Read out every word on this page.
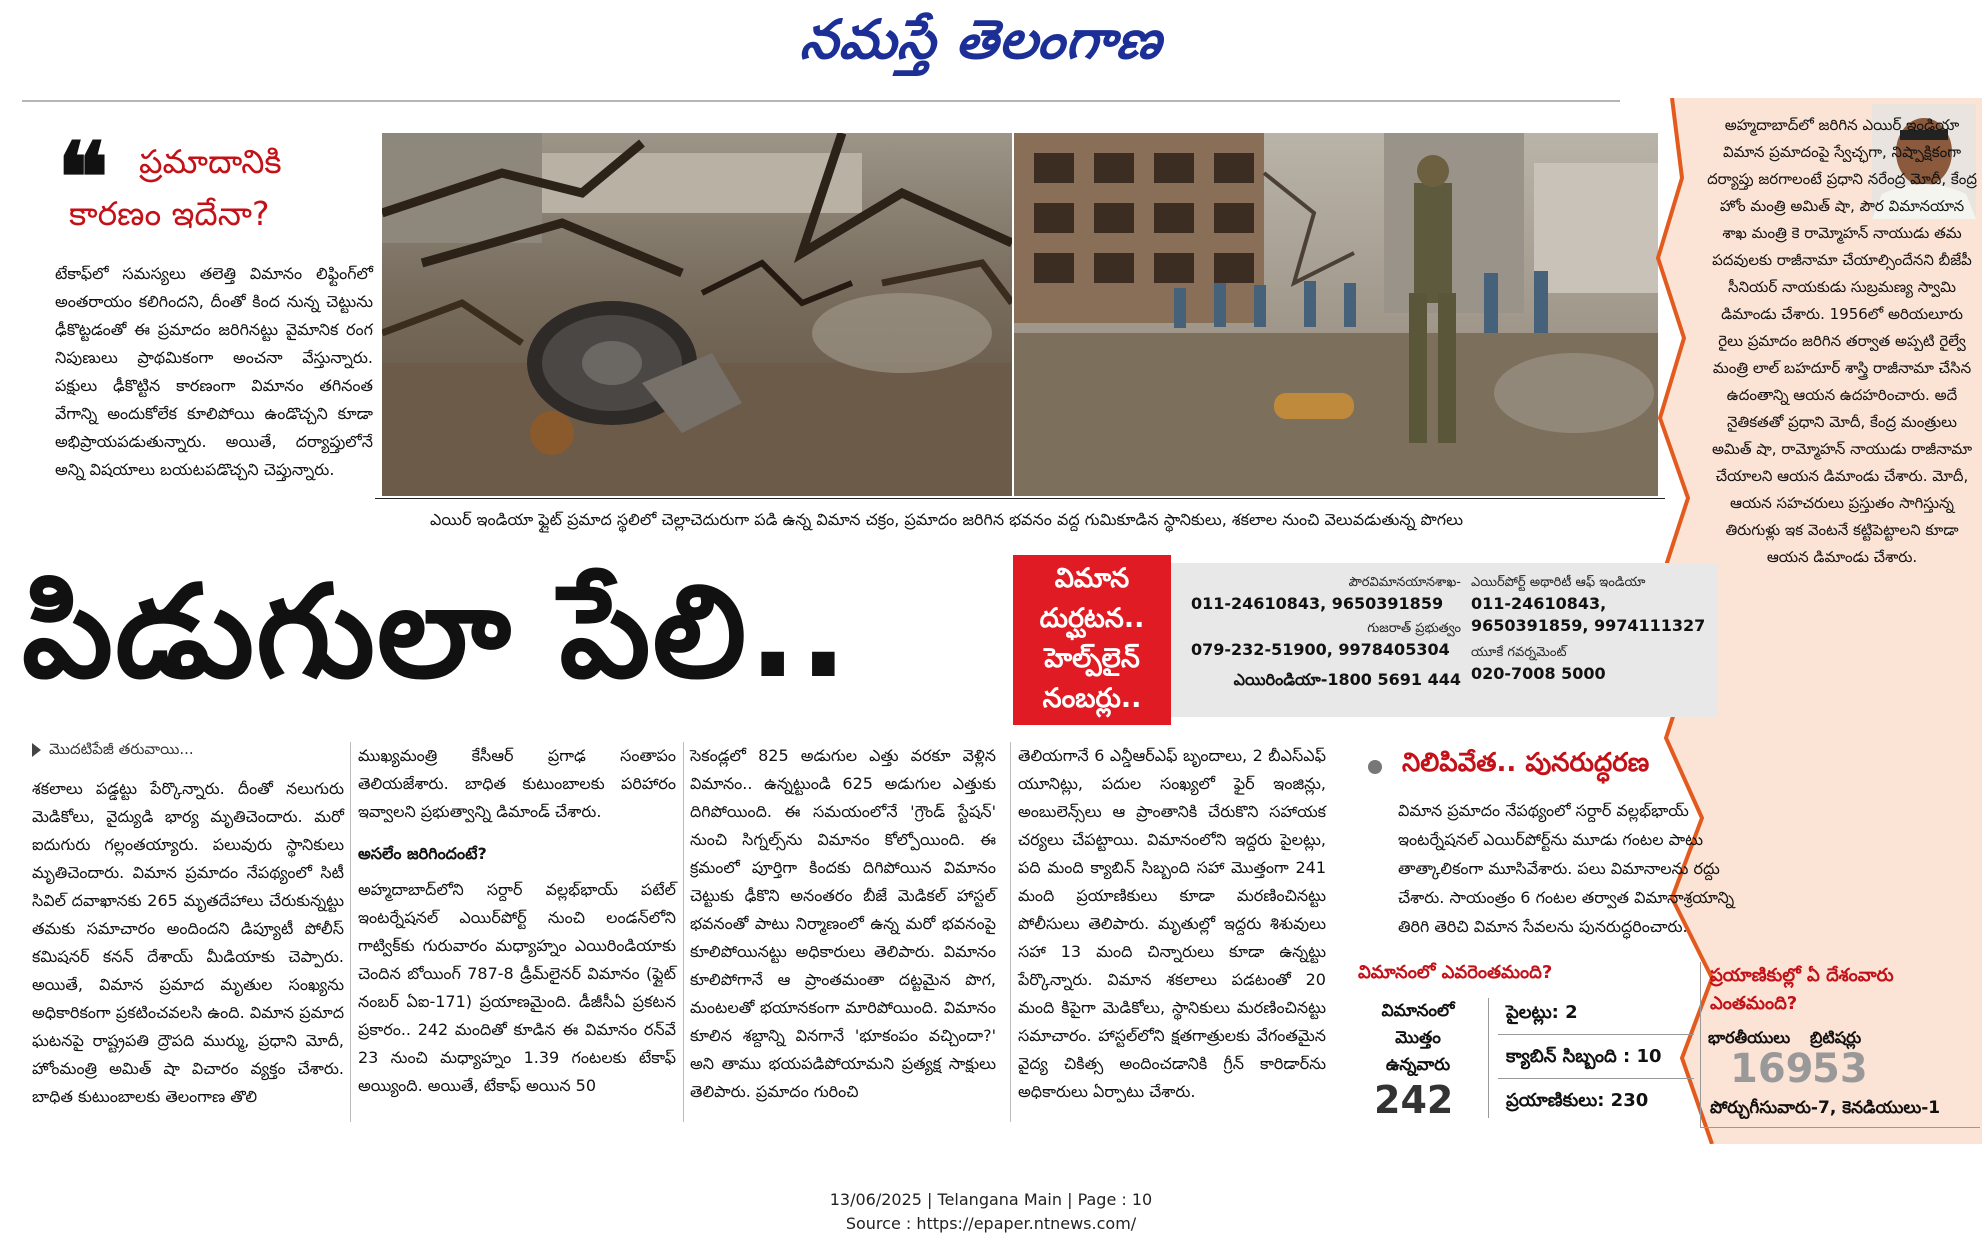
నమస్తే తెలంగాణ
❝ ప్రమాదానికి
కారణం ఇదేనా?
టేకాఫ్‌లో సమస్యలు తలెత్తి విమానం లిఫ్టింగ్‌లో అంతరాయం కలిగిందని, దీంతో కింద నున్న చెట్టును ఢీకొట్టడంతో ఈ ప్రమాదం జరిగినట్టు వైమానిక రంగ నిపుణులు ప్రాథమికంగా అంచనా వేస్తున్నారు. పక్షులు ఢీకొట్టిన కారణంగా విమానం తగినంత వేగాన్ని అందుకోలేక కూలిపోయి ఉండొచ్చని కూడా అభిప్రాయపడుతున్నారు. అయితే, దర్యాప్తులోనే అన్ని విషయాలు బయటపడొచ్చని చెప్తున్నారు.
ఎయిర్ ఇండియా ఫ్లైట్ ప్రమాద స్థలిలో చెల్లాచెదురుగా పడి ఉన్న విమాన చక్రం, ప్రమాదం జరిగిన భవనం వద్ద గుమికూడిన స్థానికులు, శకలాల నుంచి వెలువడుతున్న పొగలు
అహ్మదాబాద్‌లో జరిగిన ఎయిర్ ఇండియా విమాన ప్రమాదంపై స్వేచ్ఛగా, నిష్పాక్షికంగా దర్యాప్తు జరగాలంటే ప్రధాని నరేంద్ర మోదీ, కేంద్ర హోం మంత్రి అమిత్ షా, పౌర విమానయాన శాఖ మంత్రి కె రామ్మోహన్ నాయుడు తమ పదవులకు రాజీనామా చేయాల్సిందేనని బీజేపీ సీనియర్ నాయకుడు సుబ్రమణ్య స్వామి డిమాండు చేశారు. 1956లో అరియలూరు రైలు ప్రమాదం జరిగిన తర్వాత అప్పటి రైల్వే మంత్రి లాల్ బహదూర్ శాస్త్రి రాజీనామా చేసిన ఉదంతాన్ని ఆయన ఉదహరించారు. అదే నైతికతతో ప్రధాని మోదీ, కేంద్ర మంత్రులు అమిత్ షా, రామ్మోహన్ నాయుడు రాజీనామా చేయాలని ఆయన డిమాండు చేశారు. మోదీ, ఆయన సహచరులు ప్రస్తుతం సాగిస్తున్న తిరుగుళ్లు ఇక వెంటనే కట్టిపెట్టాలని కూడా ఆయన డిమాండు చేశారు.
పిడుగులా పేలి..	విమాన
దుర్ఘటన..
హెల్ప్‌లైన్
నంబర్లు..
పౌరవిమానయానశాఖ-
011-24610843, 9650391859
గుజరాత్ ప్రభుత్వం
079-232-51900, 9978405304
ఎయిరిండియా-1800 5691 444
ఎయిర్‌పోర్ట్ అథారిటీ ఆఫ్ ఇండియా
011-24610843,
9650391859, 9974111327
యూకే గవర్నమెంట్
020-7008 5000
మొదటిపేజీ తరువాయి...

శకలాలు పడ్డట్టు పేర్కొన్నారు. దీంతో నలుగురు మెడికోలు, వైద్యుడి భార్య మృతిచెందారు. మరో ఐదుగురు గల్లంతయ్యారు. పలువురు స్థానికులు మృతిచెందారు. విమాన ప్రమాదం నేపథ్యంలో సిటీ సివిల్ దవాఖానకు 265 మృతదేహాలు చేరుకున్నట్టు తమకు సమాచారం అందిందని డిప్యూటీ పోలీస్ కమిషనర్ కనన్ దేశాయ్ మీడియాకు చెప్పారు. అయితే, విమాన ప్రమాద మృతుల సంఖ్యను అధికారికంగా ప్రకటించవలసి ఉంది. విమాన ప్రమాద ఘటనపై రాష్ట్రపతి ద్రౌపది ముర్ము, ప్రధాని మోదీ, హోంమంత్రి అమిత్ షా విచారం వ్యక్తం చేశారు. బాధిత కుటుంబాలకు తెలంగాణ తొలి

ముఖ్యమంత్రి కేసీఆర్ ప్రగాఢ సంతాపం తెలియజేశారు. బాధిత కుటుంబాలకు పరిహారం ఇవ్వాలని ప్రభుత్వాన్ని డిమాండ్ చేశారు.

అసలేం జరిగిందంటే?

అహ్మదాబాద్‌లోని సర్దార్ వల్లభ్‌భాయ్ పటేల్ ఇంటర్నేషనల్ ఎయిర్‌పోర్ట్ నుంచి లండన్‌లోని గాట్విక్‌కు గురువారం మధ్యాహ్నం ఎయిరిండియాకు చెందిన బోయింగ్ 787-8 డ్రీమ్‌లైనర్ విమానం (ఫ్లైట్ నంబర్ ఏఐ-171) ప్రయాణమైంది. డీజీసీఏ ప్రకటన ప్రకారం.. 242 మందితో కూడిన ఈ విమానం రన్‌వే 23 నుంచి మధ్యాహ్నం 1.39 గంటలకు టేకాఫ్ అయ్యింది. అయితే, టేకాఫ్ అయిన 50

సెకండ్లలో 825 అడుగుల ఎత్తు వరకూ వెళ్లిన విమానం.. ఉన్నట్టుండి 625 అడుగుల ఎత్తుకు దిగిపోయింది. ఈ సమయంలోనే 'గ్రౌండ్ స్టేషన్' నుంచి సిగ్నల్స్‌ను విమానం కోల్పోయింది. ఈ క్రమంలో పూర్తిగా కిందకు దిగిపోయిన విమానం చెట్టుకు ఢీకొని అనంతరం బీజే మెడికల్ హాస్టల్ భవనంతో పాటు నిర్మాణంలో ఉన్న మరో భవనంపై కూలిపోయినట్టు అధికారులు తెలిపారు. విమానం కూలిపోగానే ఆ ప్రాంతమంతా దట్టమైన పొగ, మంటలతో భయానకంగా మారిపోయింది. విమానం కూలిన శబ్దాన్ని వినగానే 'భూకంపం వచ్చిందా?' అని తాము భయపడిపోయామని ప్రత్యక్ష సాక్షులు తెలిపారు. ప్రమాదం గురించి

తెలియగానే 6 ఎన్డీఆర్‌ఎఫ్ బృందాలు, 2 బీఎస్‌ఎఫ్ యూనిట్లు, పదుల సంఖ్యలో ఫైర్ ఇంజిన్లు, అంబులెన్స్‌లు ఆ ప్రాంతానికి చేరుకొని సహాయక చర్యలు చేపట్టాయి. విమానంలోని ఇద్దరు పైలట్లు, పది మంది క్యాబిన్ సిబ్బంది సహా మొత్తంగా 241 మంది ప్రయాణికులు కూడా మరణించినట్టు పోలీసులు తెలిపారు. మృతుల్లో ఇద్దరు శిశువులు సహా 13 మంది చిన్నారులు కూడా ఉన్నట్టు పేర్కొన్నారు. విమాన శకలాలు పడటంతో 20 మంది కిపైగా మెడికోలు, స్థానికులు మరణించినట్టు సమాచారం. హాస్టల్‌లోని క్షతగాత్రులకు వేగంతమైన వైద్య చికిత్స అందించడానికి గ్రీన్ కారిడార్‌ను అధికారులు ఏర్పాటు చేశారు.

నిలిపివేత.. పునరుద్ధరణ
విమాన ప్రమాదం నేపథ్యంలో సర్దార్ వల్లభ్‌భాయ్ ఇంటర్నేషనల్ ఎయిర్‌పోర్ట్‌ను మూడు గంటల పాటు తాత్కాలికంగా మూసివేశారు. పలు విమానాలను రద్దు చేశారు. సాయంత్రం 6 గంటల తర్వాత విమానాశ్రయాన్ని తిరిగి తెరిచి విమాన సేవలను పునరుద్ధరించారు.
విమానంలో ఎవరెంతమంది?
విమానంలో మొత్తం ఉన్నవారు
242
పైలట్లు: 2
క్యాబిన్ సిబ్బంది : 10
ప్రయాణికులు: 230
ప్రయాణికుల్లో ఏ దేశంవారు ఎంతమంది?
భారతీయులు
169
బ్రిటిషర్లు
53
పోర్చుగీసువారు-7, కెనడియులు-1
13/06/2025 | Telangana Main | Page : 10
Source : https://epaper.ntnews.com/
